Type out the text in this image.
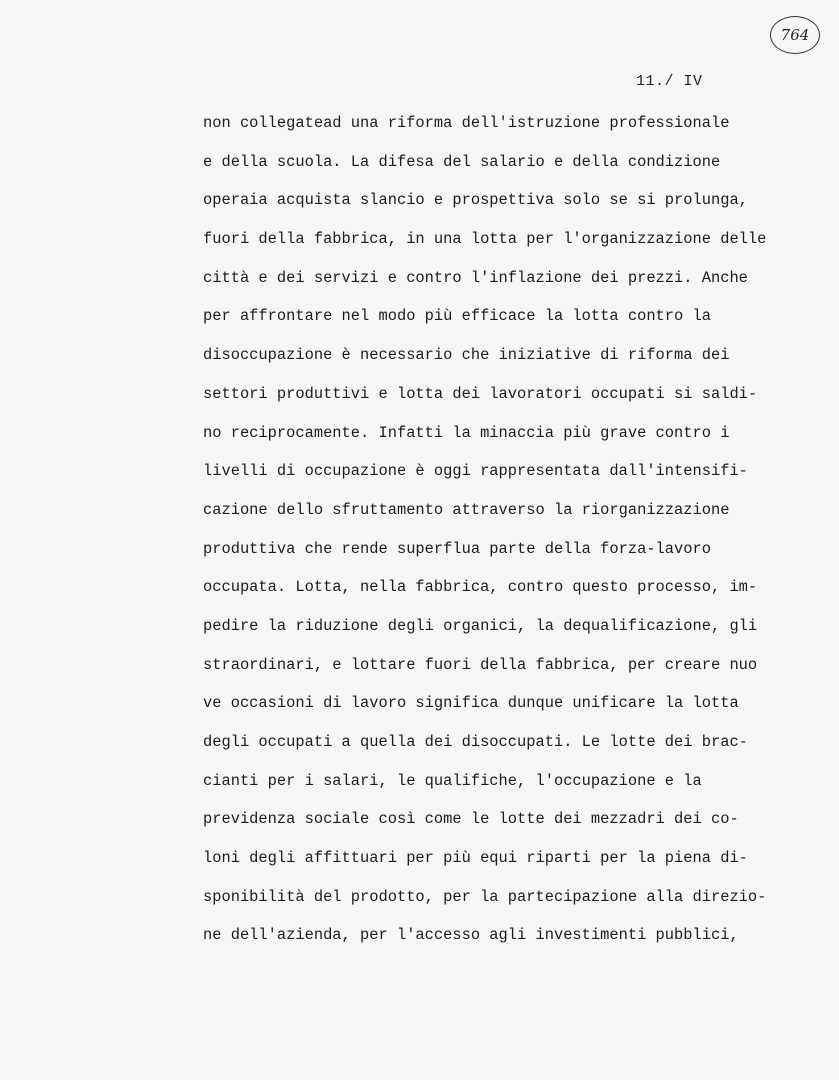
764
11./ IV
non collegatead una riforma dell'istruzione professionale
e della scuola. La difesa del salario e della condizione
operaia acquista slancio e prospettiva solo se si prolunga,
fuori della fabbrica, in una lotta per l'organizzazione delle
città e dei servizi e contro l'inflazione dei prezzi. Anche
per affrontare nel modo più efficace la lotta contro la
disoccupazione è necessario che iniziative di riforma dei
settori produttivi e lotta dei lavoratori occupati si saldi-
no reciprocamente. Infatti la minaccia più grave contro i
livelli di occupazione è oggi rappresentata dall'intensifi-
cazione dello sfruttamento attraverso la riorganizzazione
produttiva che rende superflua parte della forza-lavoro
occupata. Lotta, nella fabbrica, contro questo processo, im-
pedire la riduzione degli organici, la dequalificazione, gli
straordinari, e lottare fuori della fabbrica, per creare nuo
ve occasioni di lavoro significa dunque unificare la lotta
degli occupati a quella dei disoccupati. Le lotte dei brac-
cianti per i salari, le qualifiche, l'occupazione e la
previdenza sociale così come le lotte dei mezzadri dei co-
loni degli affittuari per più equi riparti per la piena di-
sponibilità del prodotto, per la partecipazione alla direzio-
ne dell'azienda, per l'accesso agli investimenti pubblici,
